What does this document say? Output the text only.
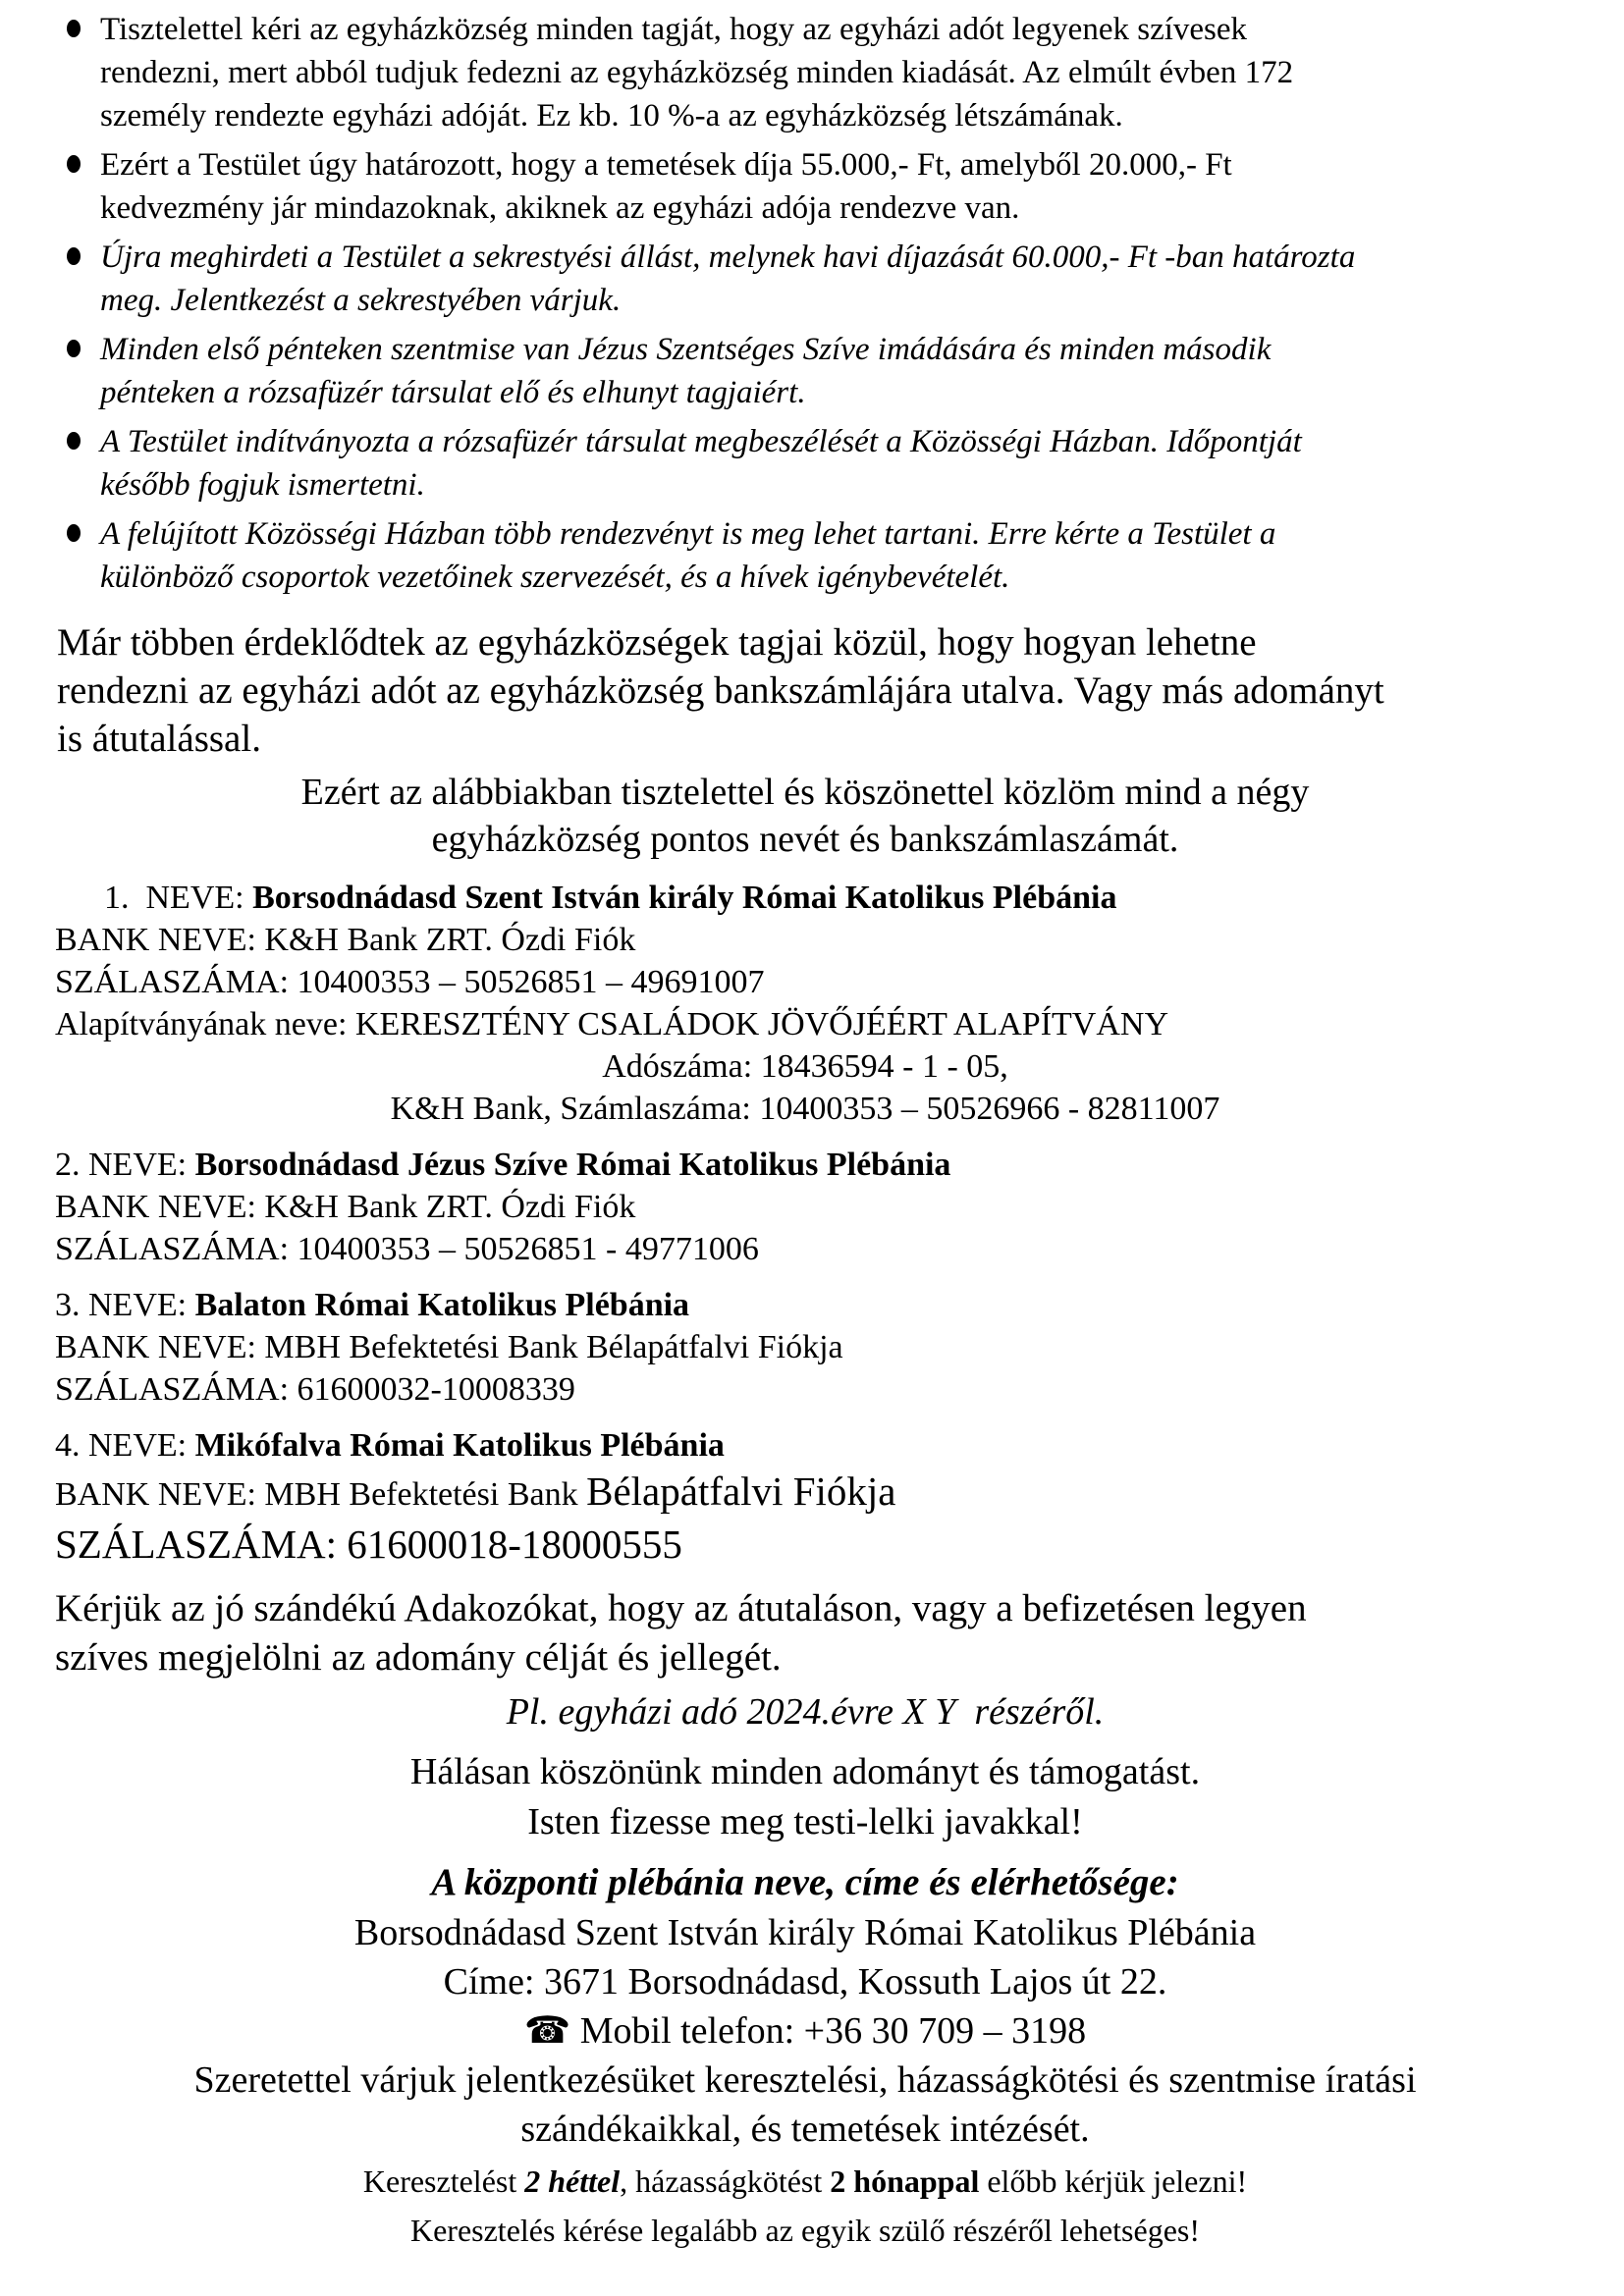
Tisztelettel kéri az egyházközség minden tagját, hogy az egyházi adót legyenek szívesek
rendezni, mert abból tudjuk fedezni az egyházközség minden kiadását. Az elmúlt évben 172
személy rendezte egyházi adóját. Ez kb. 10 %-a az egyházközség létszámának.
Ezért a Testület úgy határozott, hogy a temetések díja 55.000,- Ft, amelyből 20.000,- Ft
kedvezmény jár mindazoknak, akiknek az egyházi adója rendezve van.
Újra meghirdeti a Testület a sekrestyési állást, melynek havi díjazását 60.000,- Ft -ban határozta
meg. Jelentkezést a sekrestyében várjuk.
Minden első pénteken szentmise van Jézus Szentséges Szíve imádására és minden második
pénteken a rózsafüzér társulat elő és elhunyt tagjaiért.
A Testület indítványozta a rózsafüzér társulat megbeszélését a Közösségi Házban. Időpontját
később fogjuk ismertetni.
A felújított Közösségi Házban több rendezvényt is meg lehet tartani. Erre kérte a Testület a
különböző csoportok vezetőinek szervezését, és a hívek igénybevételét.
Már többen érdeklődtek az egyházközségek tagjai közül, hogy hogyan lehetne
rendezni az egyházi adót az egyházközség bankszámlájára utalva. Vagy más adományt
is átutalással.
Ezért az alábbiakban tisztelettel és köszönettel közlöm mind a négy
egyházközség pontos nevét és bankszámlaszámát.
1.  NEVE: Borsodnádasd Szent István király Római Katolikus Plébánia
BANK NEVE: K&H Bank ZRT. Ózdi Fiók
SZÁLASZÁMA: 10400353 – 50526851 – 49691007
Alapítványának neve: KERESZTÉNY CSALÁDOK JÖVŐJÉÉRT ALAPÍTVÁNY
Adószáma: 18436594 - 1 - 05,
K&H Bank, Számlaszáma: 10400353 – 50526966 - 82811007
2. NEVE: Borsodnádasd Jézus Szíve Római Katolikus Plébánia
BANK NEVE: K&H Bank ZRT. Ózdi Fiók
SZÁLASZÁMA: 10400353 – 50526851 - 49771006
3. NEVE: Balaton Római Katolikus Plébánia
BANK NEVE: MBH Befektetési Bank Bélapátfalvi Fiókja
SZÁLASZÁMA: 61600032-10008339
4. NEVE: Mikófalva Római Katolikus Plébánia
BANK NEVE: MBH Befektetési Bank Bélapátfalvi Fiókja
SZÁLASZÁMA: 61600018-18000555
Kérjük az jó szándékú Adakozókat, hogy az átutaláson, vagy a befizetésen legyen
szíves megjelölni az adomány célját és jellegét.
Pl. egyházi adó 2024.évre X Y  részéről.
Hálásan köszönünk minden adományt és támogatást.
Isten fizesse meg testi-lelki javakkal!
A központi plébánia neve, címe és elérhetősége:
Borsodnádasd Szent István király Római Katolikus Plébánia
Címe: 3671 Borsodnádasd, Kossuth Lajos út 22.
☎ Mobil telefon: +36 30 709 – 3198
Szeretettel várjuk jelentkezésüket keresztelési, házasságkötési és szentmise íratási
szándékaikkal, és temetések intézését.
Keresztelést 2 héttel, házasságkötést 2 hónappal előbb kérjük jelezni!
Keresztelés kérése legalább az egyik szülő részéről lehetséges!
